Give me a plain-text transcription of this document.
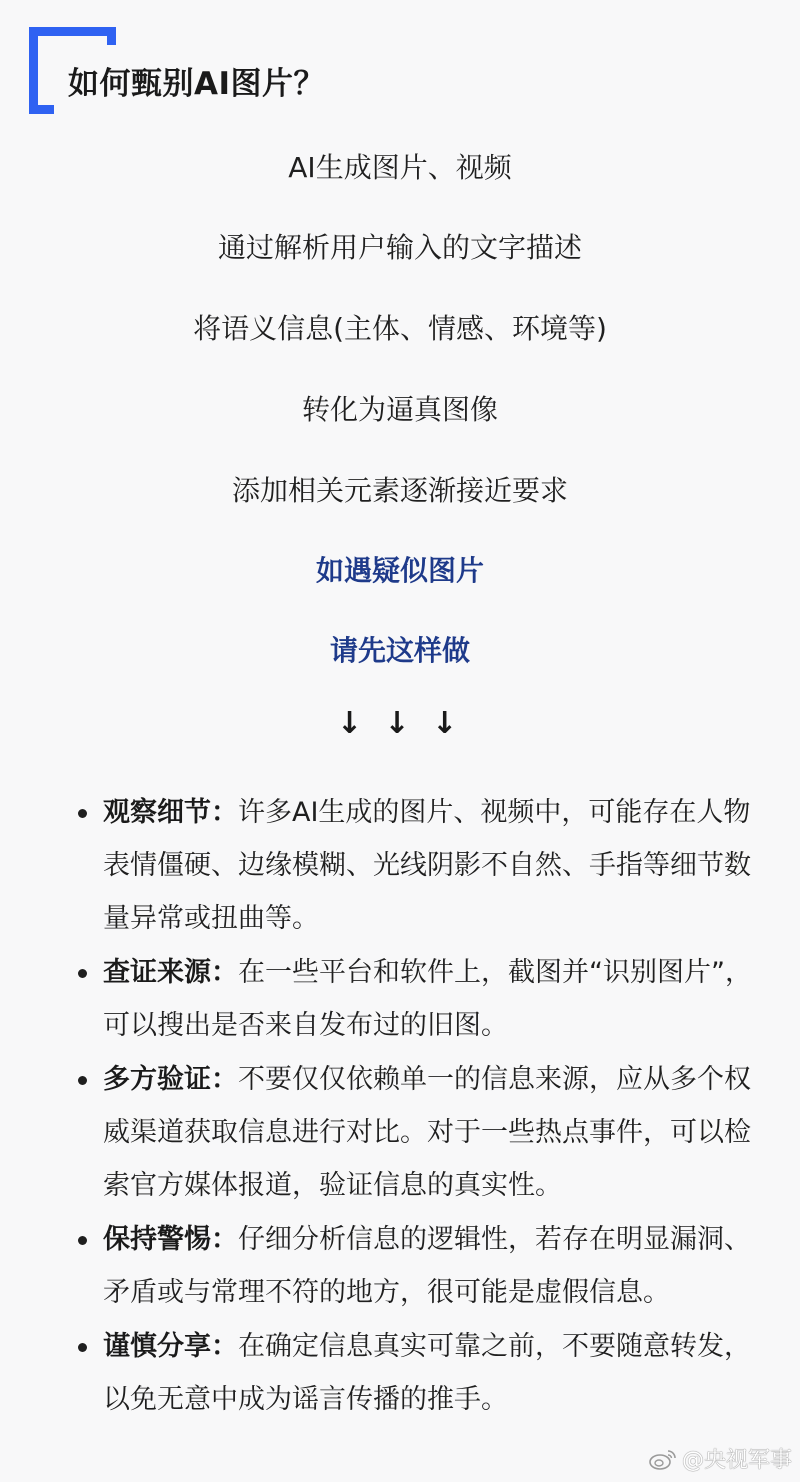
如何甄别AI图片？
AI生成图片、视频
通过解析用户输入的文字描述
将语义信息(主体、情感、环境等)
转化为逼真图像
添加相关元素逐渐接近要求
如遇疑似图片
请先这样做
↓ ↓ ↓
观察细节：许多AI生成的图片、视频中，可能存在人物表情僵硬、边缘模糊、光线阴影不自然、手指等细节数量异常或扭曲等。
查证来源：在一些平台和软件上，截图并“识别图片”，可以搜出是否来自发布过的旧图。
多方验证：不要仅仅依赖单一的信息来源，应从多个权威渠道获取信息进行对比。对于一些热点事件，可以检索官方媒体报道，验证信息的真实性。
保持警惕：仔细分析信息的逻辑性，若存在明显漏洞、矛盾或与常理不符的地方，很可能是虚假信息。
谨慎分享：在确定信息真实可靠之前，不要随意转发，以免无意中成为谣言传播的推手。
@央视军事
